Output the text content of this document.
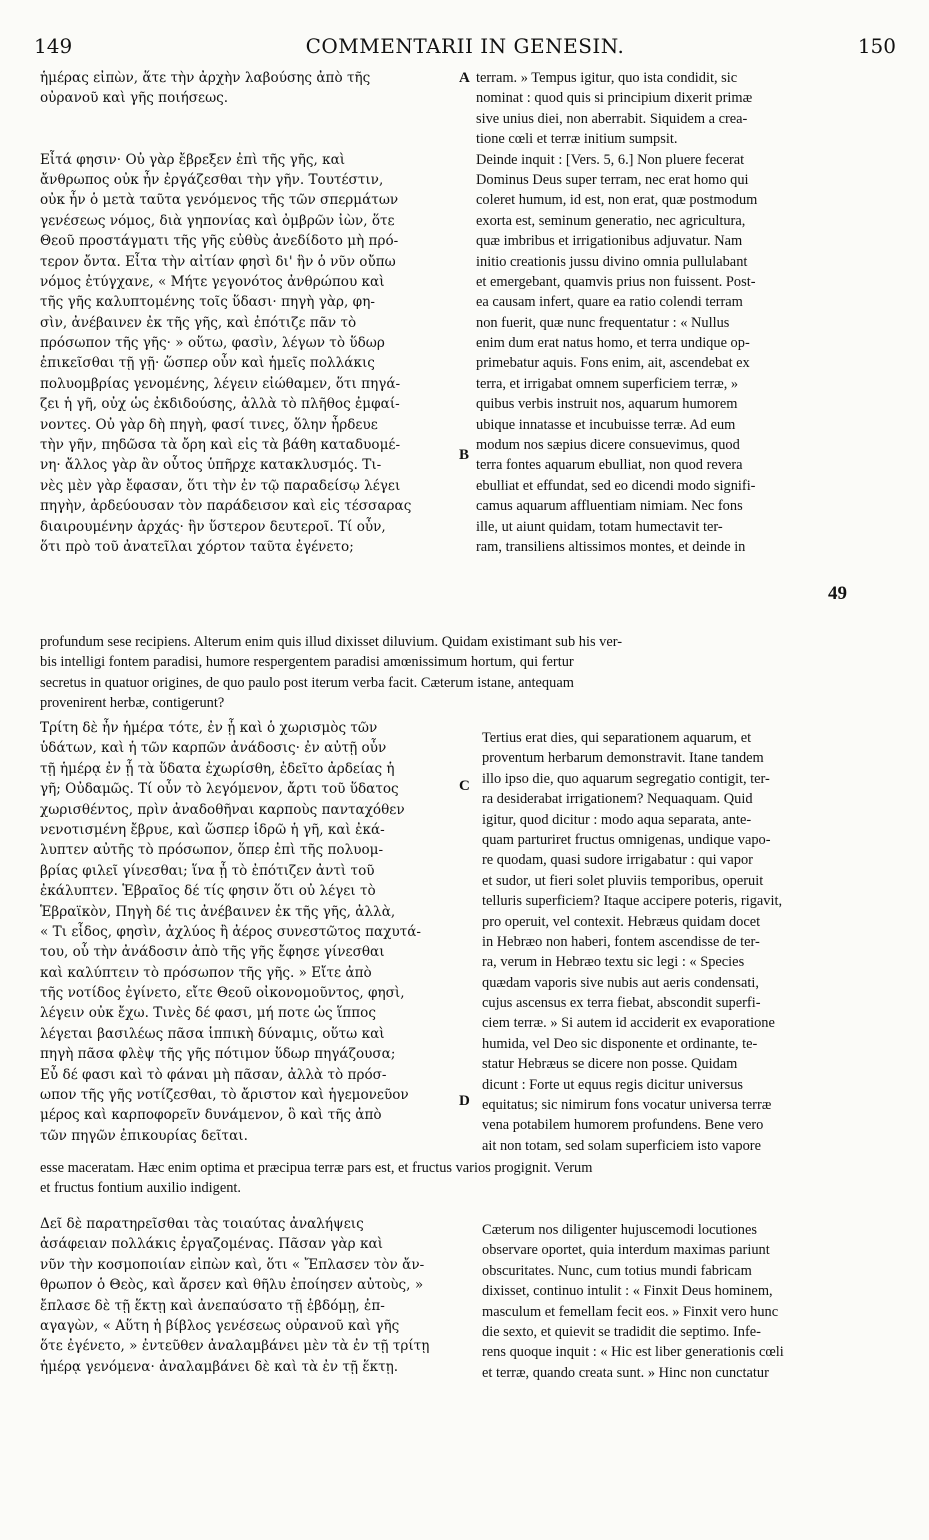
149	COMMENTARII IN GENESIN.	150
ἡμέρας εἰπὼν, ἅτε τὴν ἀρχὴν λαβούσης ἀπὸ τῆς
οὐρανοῦ καὶ γῆς ποιήσεως.
Εἶτά φησιν· Οὐ γὰρ ἔβρεξεν ἐπὶ τῆς γῆς, καὶ
ἄνθρωπος οὐκ ἦν ἐργάζεσθαι τὴν γῆν. Τουτέστιν,
οὐκ ἦν ὁ μετὰ ταῦτα γενόμενος τῆς τῶν σπερμάτων
γενέσεως νόμος, διὰ γηπονίας καὶ ὀμβρῶν ἰὼν, ὅτε
Θεοῦ προστάγματι τῆς γῆς εὐθὺς ἀνεδίδοτο μὴ πρό-
τερον ὄντα. Εἶτα τὴν αἰτίαν φησὶ δι' ἣν ὁ νῦν οὔπω
νόμος ἐτύγχανε, « Μήτε γεγονότος ἀνθρώπου καὶ
τῆς γῆς καλυπτομένης τοῖς ὕδασι· πηγὴ γὰρ, φη-
σὶν, ἀνέβαινεν ἐκ τῆς γῆς, καὶ ἐπότιζε πᾶν τὸ
πρόσωπον τῆς γῆς· » οὕτω, φασὶν, λέγων τὸ ὕδωρ
ἐπικεῖσθαι τῇ γῇ· ὥσπερ οὖν καὶ ἡμεῖς πολλάκις
πολυομβρίας γενομένης, λέγειν εἰώθαμεν, ὅτι πηγά-
ζει ἡ γῆ, οὐχ ὡς ἐκδιδούσης, ἀλλὰ τὸ πλῆθος ἐμφαί-
νοντες. Οὐ γὰρ δὴ πηγὴ, φασί τινες, ὅλην ἦρδευε
τὴν γῆν, πηδῶσα τὰ ὄρη καὶ εἰς τὰ βάθη καταδυομέ-
νη· ἄλλος γὰρ ἂν οὗτος ὑπῆρχε κατακλυσμός. Τι-
νὲς μὲν γὰρ ἔφασαν, ὅτι τὴν ἐν τῷ παραδείσῳ λέγει
πηγὴν, ἀρδεύουσαν τὸν παράδεισον καὶ εἰς τέσσαρας
διαιρουμένην ἀρχάς· ἣν ὕστερον δευτεροῖ. Τί οὖν,
ὅτι πρὸ τοῦ ἀνατεῖλαι χόρτον ταῦτα ἐγένετο;
terram. » Tempus igitur, quo ista condidit, sic
nominat : quod quis si principium dixerit primæ
sive unius diei, non aberrabit. Siquidem a crea-
tione cœli et terræ initium sumpsit.
Deinde inquit : [Vers. 5, 6.] Non pluere fecerat
Dominus Deus super terram, nec erat homo qui
coleret humum, id est, non erat, quæ postmodum
exorta est, seminum generatio, nec agricultura,
quæ imbribus et irrigationibus adjuvatur. Nam
initio creationis jussu divino omnia pullulabant
et emergebant, quamvis prius non fuissent. Post-
ea causam infert, quare ea ratio colendi terram
non fuerit, quæ nunc frequentatur : « Nullus
enim dum erat natus homo, et terra undique op-
primebatur aquis. Fons enim, ait, ascendebat ex
terra, et irrigabat omnem superficiem terræ, »
quibus verbis instruit nos, aquarum humorem
ubique innatasse et incubuisse terræ. Ad eum
modum nos sæpius dicere consuevimus, quod
terra fontes aquarum ebulliat, non quod revera
ebulliat et effundat, sed eo dicendi modo signifi-
camus aquarum affluentiam nimiam. Nec fons
ille, ut aiunt quidam, totam humectavit ter-
ram, transiliens altissimos montes, et deinde in
profundum sese recipiens. Alterum enim quis illud dixisset diluvium. Quidam existimant sub his ver-
bis intelligi fontem paradisi, humore respergentem paradisi amœnissimum hortum, qui fertur
secretus in quatuor origines, de quo paulo post iterum verba facit. Cæterum istane, antequam
provenirent herbæ, contigerunt?
Τρίτη δὲ ἦν ἡμέρα τότε, ἐν ᾗ καὶ ὁ χωρισμὸς τῶν
ὑδάτων, καὶ ἡ τῶν καρπῶν ἀνάδοσις· ἐν αὐτῇ οὖν
τῇ ἡμέρᾳ ἐν ᾗ τὰ ὕδατα ἐχωρίσθη, ἐδεῖτο ἀρδείας ἡ
γῆ; Οὐδαμῶς. Τί οὖν τὸ λεγόμενον, ἄρτι τοῦ ὕδατος
χωρισθέντος, πρὶν ἀναδοθῆναι καρποὺς πανταχόθεν
νενοτισμένη ἔβρυε, καὶ ὥσπερ ἱδρῶ ἡ γῆ, καὶ ἐκά-
λυπτεν αὐτῆς τὸ πρόσωπον, ὅπερ ἐπὶ τῆς πολυομ-
βρίας φιλεῖ γίνεσθαι; ἵνα ᾖ τὸ ἐπότιζεν ἀντὶ τοῦ
ἐκάλυπτεν. Ἑβραῖος δέ τίς φησιν ὅτι οὐ λέγει τὸ
Ἑβραϊκὸν, Πηγὴ δέ τις ἀνέβαινεν ἐκ τῆς γῆς, ἀλλὰ,
« Τι εἶδος, φησὶν, ἀχλύος ἢ ἀέρος συνεστῶτος παχυτά-
του, οὗ τὴν ἀνάδοσιν ἀπὸ τῆς γῆς ἔφησε γίνεσθαι
καὶ καλύπτειν τὸ πρόσωπον τῆς γῆς. » Εἴτε ἀπὸ
τῆς νοτίδος ἐγίνετο, εἴτε Θεοῦ οἰκονομοῦντος, φησὶ,
λέγειν οὐκ ἔχω. Τινὲς δέ φασι, μή ποτε ὡς ἵππος
λέγεται βασιλέως πᾶσα ἱππικὴ δύναμις, οὕτω καὶ
πηγὴ πᾶσα φλὲψ τῆς γῆς πότιμον ὕδωρ πηγάζουσα;
Εὖ δέ φασι καὶ τὸ φάναι μὴ πᾶσαν, ἀλλὰ τὸ πρόσ-
ωπον τῆς γῆς νοτίζεσθαι, τὸ ἄριστον καὶ ἡγεμονεῦον
μέρος καὶ καρποφορεῖν δυνάμενον, ὃ καὶ τῆς ἀπὸ
τῶν πηγῶν ἐπικουρίας δεῖται.
Tertius erat dies, qui separationem aquarum, et
proventum herbarum demonstravit. Itane tandem
illo ipso die, quo aquarum segregatio contigit, ter-
ra desiderabat irrigationem? Nequaquam. Quid
igitur, quod dicitur : modo aqua separata, ante-
quam parturiret fructus omnigenas, undique vapo-
re quodam, quasi sudore irrigabatur : qui vapor
et sudor, ut fieri solet pluviis temporibus, operuit
telluris superficiem? Itaque accipere poteris, rigavit,
pro operuit, vel contexit. Hebræus quidam docet
in Hebræo non haberi, fontem ascendisse de ter-
ra, verum in Hebræo textu sic legi : « Species
quædam vaporis sive nubis aut aeris condensati,
cujus ascensus ex terra fiebat, abscondit superfi-
ciem terræ. » Si autem id acciderit ex evaporatione
humida, vel Deo sic disponente et ordinante, te-
statur Hebræus se dicere non posse. Quidam
dicunt : Forte ut equus regis dicitur universus
equitatus; sic nimirum fons vocatur universa terræ
vena potabilem humorem profundens. Bene vero
ait non totam, sed solam superficiem isto vapore
esse maceratam. Hæc enim optima et præcipua terræ pars est, et fructus varios progignit. Verum
et fructus fontium auxilio indigent.
Δεῖ δὲ παρατηρεῖσθαι τὰς τοιαύτας ἀναλήψεις
ἀσάφειαν πολλάκις ἐργαζομένας. Πᾶσαν γὰρ καὶ
νῦν τὴν κοσμοποιίαν εἰπὼν καὶ, ὅτι « Ἔπλασεν τὸν ἄν-
θρωπον ὁ Θεὸς, καὶ ἄρσεν καὶ θῆλυ ἐποίησεν αὐτοὺς, »
ἔπλασε δὲ τῇ ἕκτῃ καὶ ἀνεπαύσατο τῇ ἑβδόμῃ, ἐπ-
αγαγὼν, « Αὕτη ἡ βίβλος γενέσεως οὐρανοῦ καὶ γῆς
ὅτε ἐγένετο, » ἐντεῦθεν ἀναλαμβάνει μὲν τὰ ἐν τῇ τρίτῃ
ἡμέρᾳ γενόμενα· ἀναλαμβάνει δὲ καὶ τὰ ἐν τῇ ἕκτῃ.
Cæterum nos diligenter hujuscemodi locutiones
observare oportet, quia interdum maximas pariunt
obscuritates. Nunc, cum totius mundi fabricam
dixisset, continuo intulit : « Finxit Deus hominem,
masculum et femellam fecit eos. » Finxit vero hunc
die sexto, et quievit se tradidit die septimo. Infe-
rens quoque inquit : « Hic est liber generationis cœli
et terræ, quando creata sunt. » Hinc non cunctatur
A
B
C
D
49
